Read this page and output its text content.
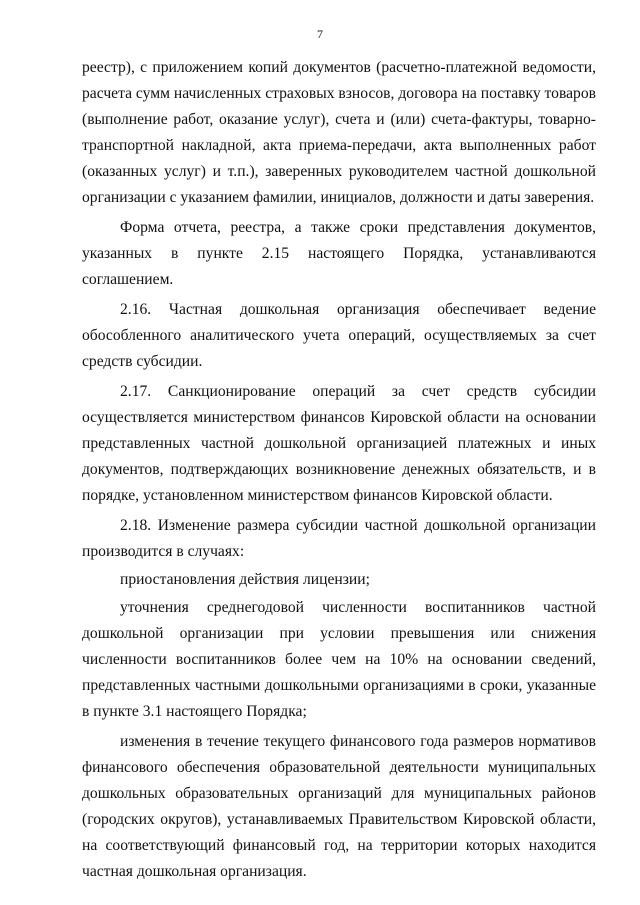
7

реестр), с приложением копий документов (расчетно-платежной ведомости, расчета сумм начисленных страховых взносов, договора на поставку товаров (выполнение работ, оказание услуг), счета и (или) счета-фактуры, товарно-транспортной накладной, акта приема-передачи, акта выполненных работ (оказанных услуг) и т.п.), заверенных руководителем частной дошкольной организации с указанием фамилии, инициалов, должности и даты заверения.

Форма отчета, реестра, а также сроки представления документов, указанных в пункте 2.15 настоящего Порядка, устанавливаются соглашением.

2.16. Частная дошкольная организация обеспечивает ведение обособленного аналитического учета операций, осуществляемых за счет средств субсидии.

2.17. Санкционирование операций за счет средств субсидии осуществляется министерством финансов Кировской области на основании представленных частной дошкольной организацией платежных и иных документов, подтверждающих возникновение денежных обязательств, и в порядке, установленном министерством финансов Кировской области.

2.18. Изменение размера субсидии частной дошкольной организации производится в случаях:

приостановления действия лицензии;

уточнения среднегодовой численности воспитанников частной дошкольной организации при условии превышения или снижения численности воспитанников более чем на 10% на основании сведений, представленных частными дошкольными организациями в сроки, указанные в пункте 3.1 настоящего Порядка;

изменения в течение текущего финансового года размеров нормативов финансового обеспечения образовательной деятельности муниципальных дошкольных образовательных организаций для муниципальных районов (городских округов), устанавливаемых Правительством Кировской области, на соответствующий финансовый год, на территории которых находится частная дошкольная организация.
